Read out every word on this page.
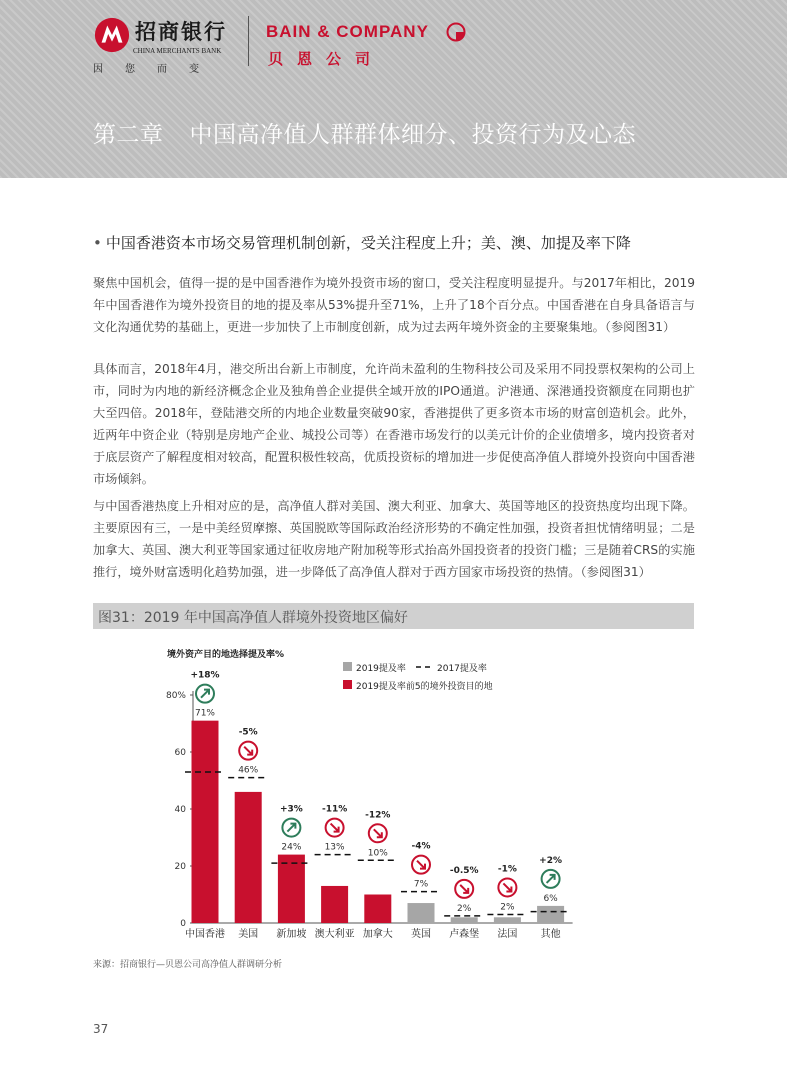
招商银行
CHINA MERCHANTS BANK
因您而变
BAIN & COMPANY
贝恩公司
第二章 中国高净值人群群体细分、投资行为及心态
• 中国香港资本市场交易管理机制创新，受关注程度上升；美、澳、加提及率下降

聚焦中国机会，值得一提的是中国香港作为境外投资市场的窗口，受关注程度明显提升。与2017年相比，2019年中国香港作为境外投资目的地的提及率从53%提升至71%，上升了18个百分点。中国香港在自身具备语言与文化沟通优势的基础上，更进一步加快了上市制度创新，成为过去两年境外资金的主要聚集地。（参阅图31）

具体而言，2018年4月，港交所出台新上市制度，允许尚未盈利的生物科技公司及采用不同投票权架构的公司上市，同时为内地的新经济概念企业及独角兽企业提供全域开放的IPO通道。沪港通、深港通投资额度在同期也扩大至四倍。2018年，登陆港交所的内地企业数量突破90家，香港提供了更多资本市场的财富创造机会。此外，近两年中资企业（特别是房地产企业、城投公司等）在香港市场发行的以美元计价的企业债增多，境内投资者对于底层资产了解程度相对较高，配置积极性较高，优质投资标的增加进一步促使高净值人群境外投资向中国香港市场倾斜。

与中国香港热度上升相对应的是，高净值人群对美国、澳大利亚、加拿大、英国等地区的投资热度均出现下降。主要原因有三，一是中美经贸摩擦、英国脱欧等国际政治经济形势的不确定性加强，投资者担忧情绪明显；二是加拿大、英国、澳大利亚等国家通过征收房地产附加税等形式抬高外国投资者的投资门槛；三是随着CRS的实施推行，境外财富透明化趋势加强，进一步降低了高净值人群对于西方国家市场投资的热情。（参阅图31）

图31：2019 年中国高净值人群境外投资地区偏好
境外资产目的地选择提及率%
0
20
40
60
80%
71%
+18%
中国香港
46%
-5%
美国
24%
+3%
新加坡
13%
-11%
澳大利亚
10%
-12%
加拿大
7%
-4%
英国
2%
-0.5%
卢森堡
2%
-1%
法国
6%
+2%
其他
2019提及率	2017提及率
2019提及率前5的境外投资目的地
来源：招商银行—贝恩公司高净值人群调研分析
37
